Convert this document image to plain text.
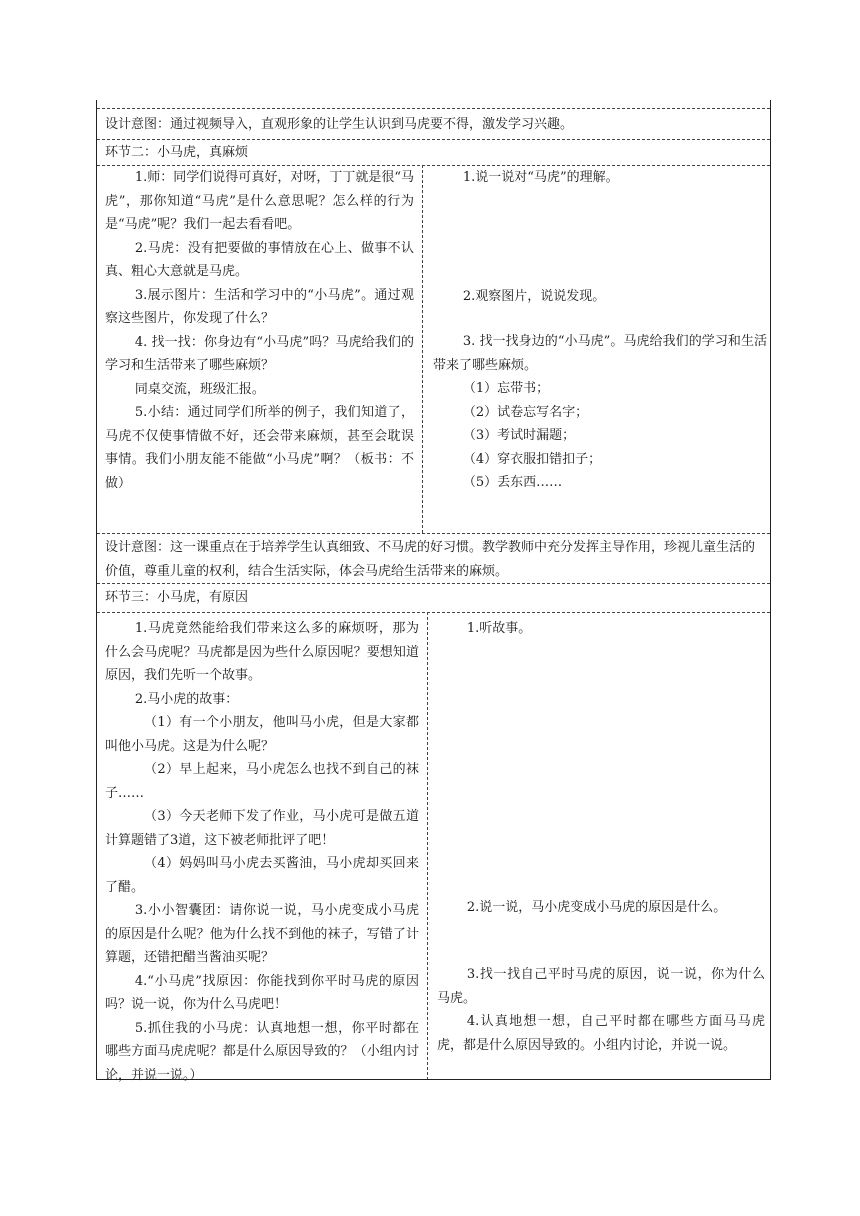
设计意图：通过视频导入，直观形象的让学生认识到马虎要不得，激发学习兴趣。
环节二：小马虎，真麻烦

1.师：同学们说得可真好，对呀，丁丁就是很“马虎”，那你知道“马虎”是什么意思呢？怎么样的行为是“马虎”呢？我们一起去看看吧。

2.马虎：没有把要做的事情放在心上、做事不认真、粗心大意就是马虎。

3.展示图片：生活和学习中的“小马虎”。通过观察这些图片，你发现了什么？

4. 找一找：你身边有“小马虎”吗？马虎给我们的学习和生活带来了哪些麻烦？

同桌交流，班级汇报。

5.小结：通过同学们所举的例子，我们知道了，马虎不仅使事情做不好，还会带来麻烦，甚至会耽误事情。我们小朋友能不能做“小马虎”啊？（板书：不做）

1.说一说对“马虎”的理解。

2.观察图片，说说发现。

3. 找一找身边的“小马虎”。马虎给我们的学习和生活带来了哪些麻烦。

（1）忘带书；

（2）试卷忘写名字；

（3）考试时漏题；

（4）穿衣服扣错扣子；

（5）丢东西……

设计意图：这一课重点在于培养学生认真细致、不马虎的好习惯。教学教师中充分发挥主导作用，珍视儿童生活的价值，尊重儿童的权利，结合生活实际，体会马虎给生活带来的麻烦。
环节三：小马虎，有原因

1.马虎竟然能给我们带来这么多的麻烦呀，那为什么会马虎呢？马虎都是因为些什么原因呢？要想知道原因，我们先听一个故事。

2.马小虎的故事：

（1）有一个小朋友，他叫马小虎，但是大家都叫他小马虎。这是为什么呢？

（2）早上起来，马小虎怎么也找不到自己的袜子……

（3）今天老师下发了作业，马小虎可是做五道计算题错了3道，这下被老师批评了吧！

（4）妈妈叫马小虎去买酱油，马小虎却买回来了醋。

3.小小智囊团：请你说一说，马小虎变成小马虎的原因是什么呢？他为什么找不到他的袜子，写错了计算题，还错把醋当酱油买呢？

4.“小马虎”找原因：你能找到你平时马虎的原因吗？说一说，你为什么马虎吧！

5.抓住我的小马虎：认真地想一想，你平时都在哪些方面马虎虎呢？都是什么原因导致的？（小组内讨论，并说一说。）

1.听故事。

2.说一说，马小虎变成小马虎的原因是什么。

3.找一找自己平时马虎的原因，说一说，你为什么马虎。

4.认真地想一想，自己平时都在哪些方面马马虎虎，都是什么原因导致的。小组内讨论，并说一说。
